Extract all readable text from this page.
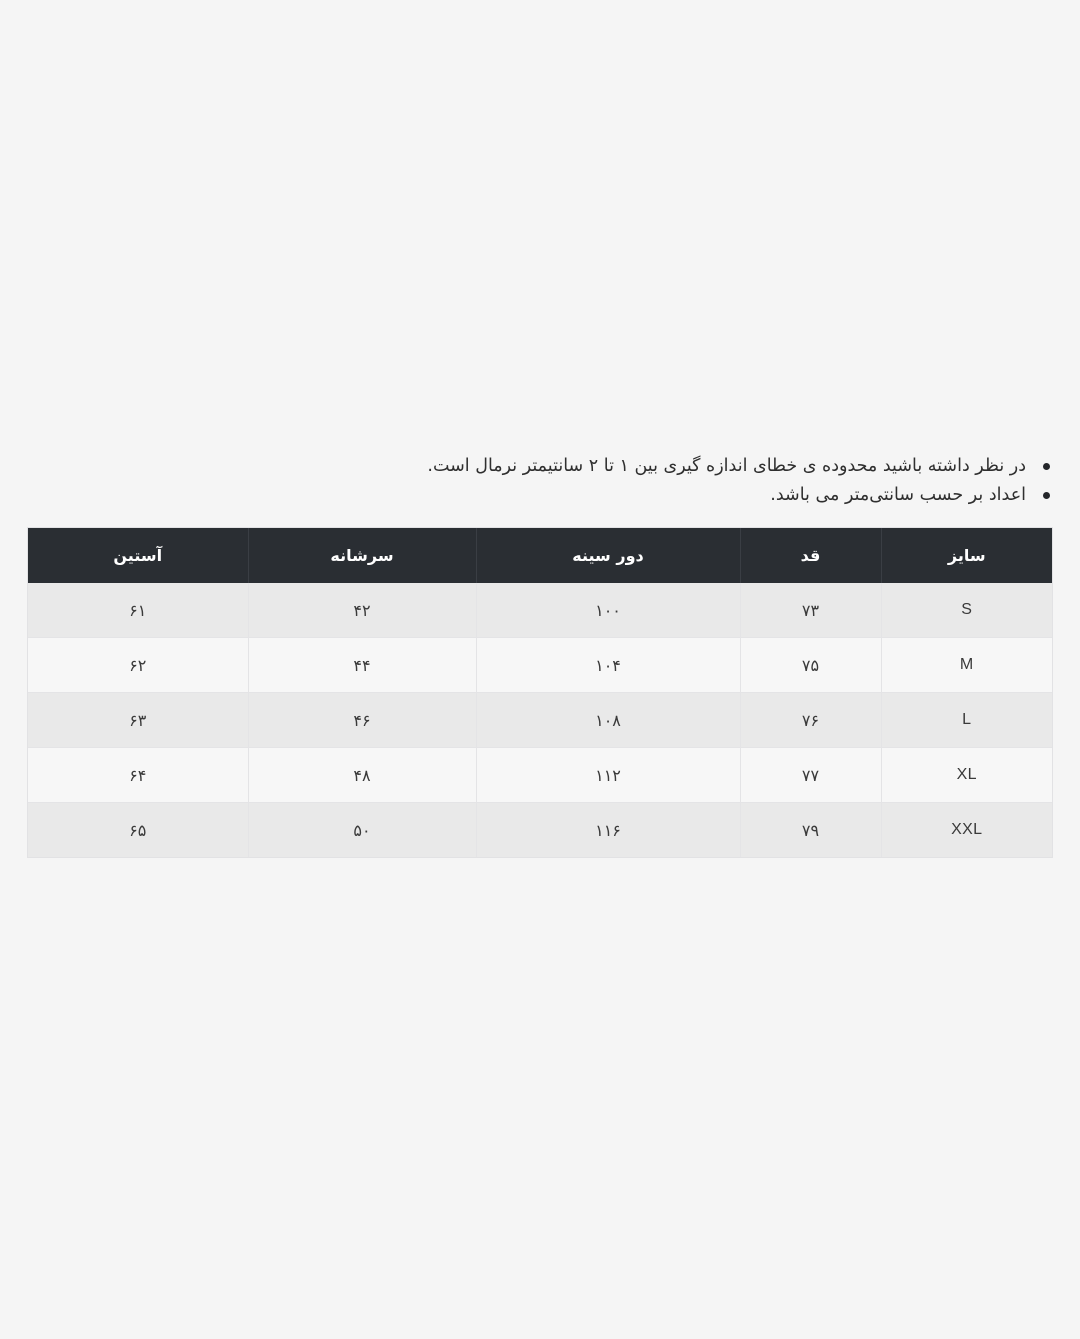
در نظر داشته باشید محدوده ی خطای اندازه گیری بین ۱ تا ۲ سانتیمتر نرمال است.
اعداد بر حسب سانتی‌متر می باشد.
سایز	قد	دور سینه	سرشانه	آستین
S	۷۳	۱۰۰	۴۲	۶۱
M	۷۵	۱۰۴	۴۴	۶۲
L	۷۶	۱۰۸	۴۶	۶۳
XL	۷۷	۱۱۲	۴۸	۶۴
XXL	۷۹	۱۱۶	۵۰	۶۵
